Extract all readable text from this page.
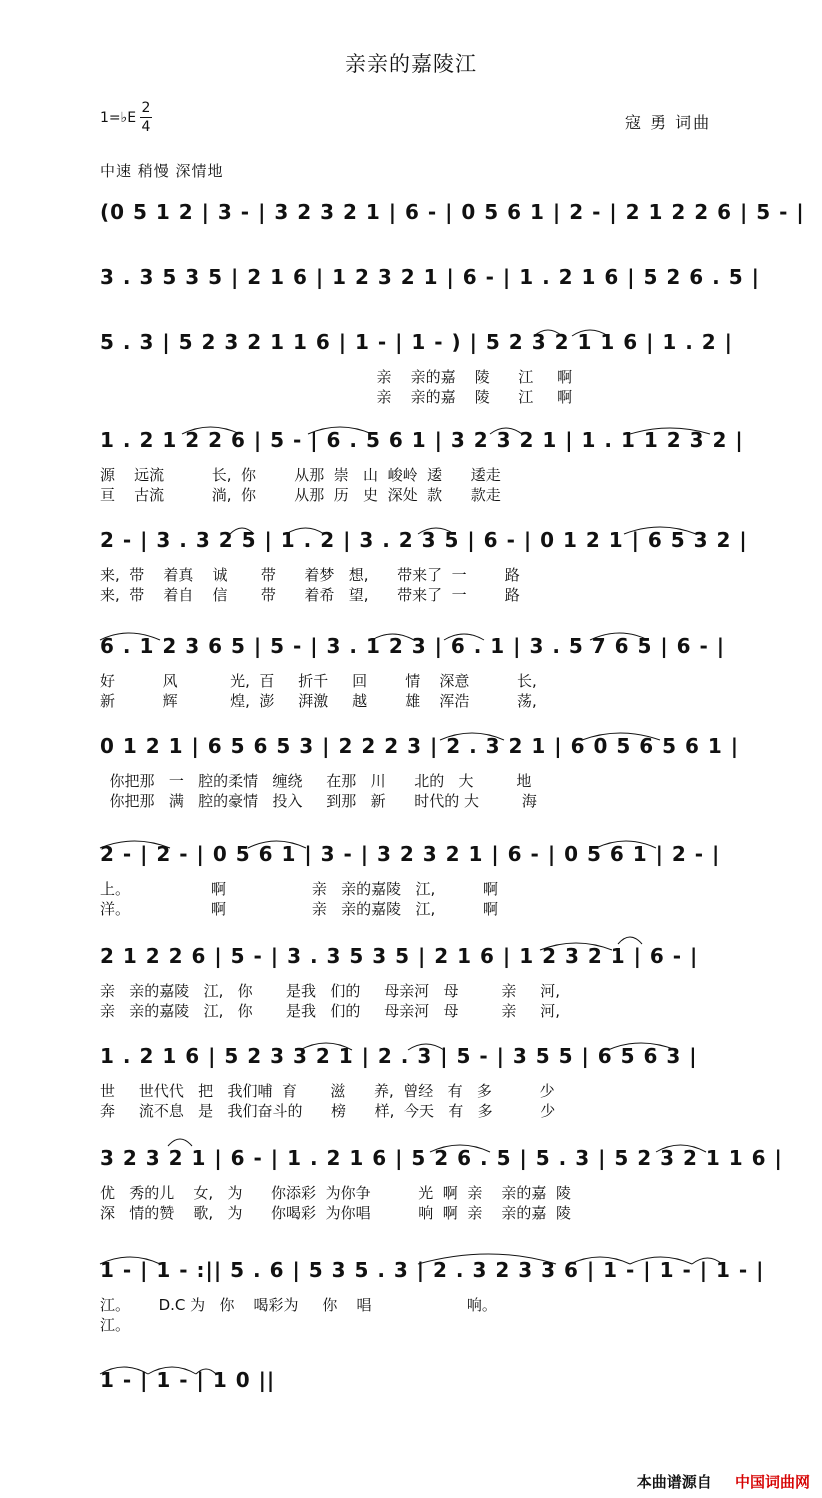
亲亲的嘉陵江
1=♭E
2
4	寇 勇 词曲
中速 稍慢 深情地
(0 5 1 2 | 3 - | 3 2 3 2 1 | 6 - | 0 5 6 1 | 2 - | 2 1 2 2 6 | 5 - |
3 . 3 5 3 5 | 2 1 6 | 1 2 3 2 1 | 6 - | 1 . 2 1 6 | 5 2 6 . 5 |
5 . 3 | 5 2 3 2 1 1 6 | 1 - | 1 - ) | 5 2 3 2 1 1 6 | 1 . 2 |
亲    亲的嘉    陵      江     啊
亲    亲的嘉    陵      江     啊
1 . 2 1 2 2 6 | 5 - | 6 . 5 6 1 | 3 2 3 2 1 | 1 . 1 1 2 3 2 |
源    远流          长,  你        从那  崇   山  峻岭  逶      逶走
亘    古流          淌,  你        从那  历   史  深处  款      款走
2 - | 3 . 3 2 5 | 1 . 2 | 3 . 2 3 5 | 6 - | 0 1 2 1 | 6 5 3 2 |
来,  带    着真    诚       带      着梦   想,      带来了  一        路
来,  带    着自    信       带      着希   望,      带来了  一        路
6 . 1 2 3 6 5 | 5 - | 3 . 1 2 3 | 6 . 1 | 3 . 5 7 6 5 | 6 - |
好          风           光,  百     折千     回        情    深意          长,
新          辉           煌,  澎     湃激     越        雄    浑浩          荡,
0 1 2 1 | 6 5 6 5 3 | 2 2 2 3 | 2 . 3 2 1 | 6 0 5 6 5 6 1 |
你把那   一   腔的柔情   缠绕     在那   川      北的   大         地
你把那   满   腔的豪情   投入     到那   新      时代的 大         海
2 - | 2 - | 0 5 6 1 | 3 - | 3 2 3 2 1 | 6 - | 0 5 6 1 | 2 - |
上。                 啊                  亲   亲的嘉陵   江,          啊
洋。                 啊                  亲   亲的嘉陵   江,          啊
2 1 2 2 6 | 5 - | 3 . 3 5 3 5 | 2 1 6 | 1 2 3 2 1 | 6 - |
亲   亲的嘉陵   江,   你       是我   们的     母亲河   母         亲     河,
亲   亲的嘉陵   江,   你       是我   们的     母亲河   母         亲     河,
1 . 2 1 6 | 5 2 3 3 2 1 | 2 . 3 | 5 - | 3 5 5 | 6 5 6 3 |
世     世代代   把   我们哺  育       滋      养,  曾经   有   多          少
奔     流不息   是   我们奋斗的      榜      样,  今天   有   多          少
3 2 3 2 1 | 6 - | 1 . 2 1 6 | 5 2 6 . 5 | 5 . 3 | 5 2 3 2 1 1 6 |
优   秀的儿    女,   为      你添彩  为你争          光  啊  亲    亲的嘉  陵
深   情的赞    歌,   为      你喝彩  为你唱          响  啊  亲    亲的嘉  陵
1 - | 1 - :|| 5 . 6 | 5 3 5 . 3 | 2 . 3 2 3 3 6 | 1 - | 1 - | 1 - |
江。      D.C 为   你    喝彩为     你    唱                    响。
江。
1 - | 1 - | 1 0 ||
本曲谱源自 中国词曲网
